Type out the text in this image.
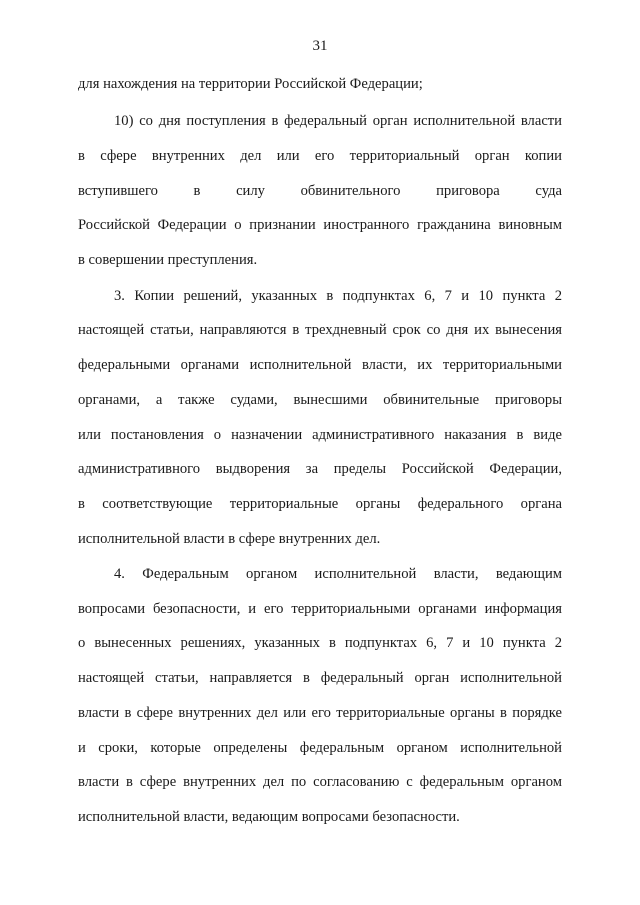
31
для нахождения на территории Российской Федерации;
10) со дня поступления в федеральный орган исполнительной власти
в сфере внутренних дел или его территориальный орган копии
вступившего в силу обвинительного приговора суда
Российской Федерации о признании иностранного гражданина виновным
в совершении преступления.
3. Копии решений, указанных в подпунктах 6, 7 и 10 пункта 2
настоящей статьи, направляются в трехдневный срок со дня их вынесения
федеральными органами исполнительной власти, их территориальными
органами, а также судами, вынесшими обвинительные приговоры
или постановления о назначении административного наказания в виде
административного выдворения за пределы Российской Федерации,
в соответствующие территориальные органы федерального органа
исполнительной власти в сфере внутренних дел.
4. Федеральным органом исполнительной власти, ведающим
вопросами безопасности, и его территориальными органами информация
о вынесенных решениях, указанных в подпунктах 6, 7 и 10 пункта 2
настоящей статьи, направляется в федеральный орган исполнительной
власти в сфере внутренних дел или его территориальные органы в порядке
и сроки, которые определены федеральным органом исполнительной
власти в сфере внутренних дел по согласованию с федеральным органом
исполнительной власти, ведающим вопросами безопасности.
